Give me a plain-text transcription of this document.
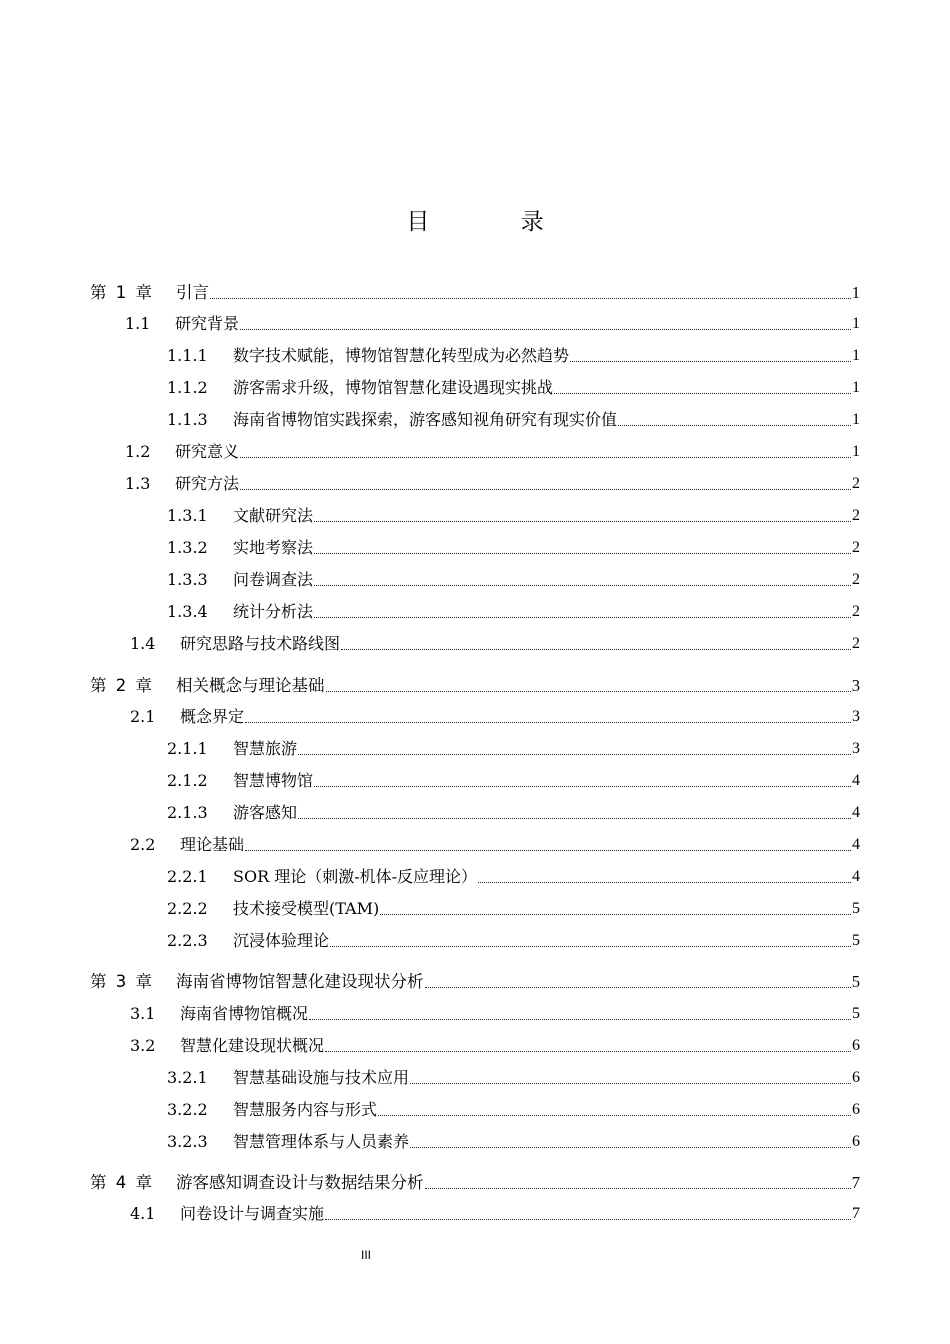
目 录
第 1 章	引言	1
1.1	研究背景	1
1.1.1	数字技术赋能，博物馆智慧化转型成为必然趋势	1
1.1.2	游客需求升级，博物馆智慧化建设遇现实挑战	1
1.1.3	海南省博物馆实践探索，游客感知视角研究有现实价值	1
1.2	研究意义	1
1.3	研究方法	2
1.3.1	文献研究法	2
1.3.2	实地考察法	2
1.3.3	问卷调查法	2
1.3.4	统计分析法	2
1.4	研究思路与技术路线图	2
第 2 章	相关概念与理论基础	3
2.1	概念界定	3
2.1.1	智慧旅游	3
2.1.2	智慧博物馆	4
2.1.3	游客感知	4
2.2	理论基础	4
2.2.1	SOR 理论（刺激-机体-反应理论）	4
2.2.2	技术接受模型(TAM)	5
2.2.3	沉浸体验理论	5
第 3 章	海南省博物馆智慧化建设现状分析	5
3.1	海南省博物馆概况	5
3.2	智慧化建设现状概况	6
3.2.1	智慧基础设施与技术应用	6
3.2.2	智慧服务内容与形式	6
3.2.3	智慧管理体系与人员素养	6
第 4 章	游客感知调查设计与数据结果分析	7
4.1	问卷设计与调查实施	7
III
